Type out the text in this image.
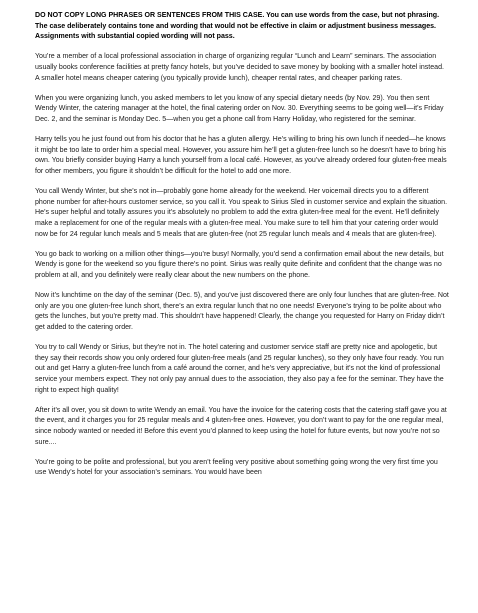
DO NOT COPY LONG PHRASES OR SENTENCES FROM THIS CASE. You can use words from the case, but not phrasing. The case deliberately contains tone and wording that would not be effective in claim or adjustment business messages. Assignments with substantial copied wording will not pass.

You’re a member of a local professional association in charge of organizing regular “Lunch and Learn” seminars. The association usually books conference facilities at pretty fancy hotels, but you’ve decided to save money by booking with a smaller hotel instead. A smaller hotel means cheaper catering (you typically provide lunch), cheaper rental rates, and cheaper parking rates.

When you were organizing lunch, you asked members to let you know of any special dietary needs (by Nov. 29). You then sent Wendy Winter, the catering manager at the hotel, the final catering order on Nov. 30. Everything seems to be going well—it’s Friday Dec. 2, and the seminar is Monday Dec. 5—when you get a phone call from Harry Holiday, who registered for the seminar.

Harry tells you he just found out from his doctor that he has a gluten allergy. He’s willing to bring his own lunch if needed—he knows it might be too late to order him a special meal. However, you assure him he’ll get a gluten-free lunch so he doesn’t have to bring his own. You briefly consider buying Harry a lunch yourself from a local café. However, as you’ve already ordered four gluten-free meals for other members, you figure it shouldn’t be difficult for the hotel to add one more.

You call Wendy Winter, but she’s not in—probably gone home already for the weekend. Her voicemail directs you to a different phone number for after-hours customer service, so you call it. You speak to Sirius Sled in customer service and explain the situation. He’s super helpful and totally assures you it’s absolutely no problem to add the extra gluten-free meal for the event. He’ll definitely make a replacement for one of the regular meals with a gluten-free meal. You make sure to tell him that your catering order would now be for 24 regular lunch meals and 5 meals that are gluten-free (not 25 regular lunch meals and 4 meals that are gluten-free).

You go back to working on a million other things—you’re busy! Normally, you’d send a confirmation email about the new details, but Wendy is gone for the weekend so you figure there’s no point. Sirius was really quite definite and confident that the change was no problem at all, and you definitely were really clear about the new numbers on the phone.

Now it’s lunchtime on the day of the seminar (Dec. 5), and you’ve just discovered there are only four lunches that are gluten-free. Not only are you one gluten-free lunch short, there’s an extra regular lunch that no one needs! Everyone’s trying to be polite about who gets the lunches, but you’re pretty mad. This shouldn’t have happened! Clearly, the change you requested for Harry on Friday didn’t get added to the catering order.

You try to call Wendy or Sirius, but they’re not in. The hotel catering and customer service staff are pretty nice and apologetic, but they say their records show you only ordered four gluten-free meals (and 25 regular lunches), so they only have four ready. You run out and get Harry a gluten-free lunch from a café around the corner, and he’s very appreciative, but it’s not the kind of professional service your members expect. They not only pay annual dues to the association, they also pay a fee for the seminar. They have the right to expect high quality!

After it’s all over, you sit down to write Wendy an email. You have the invoice for the catering costs that the catering staff gave you at the event, and it charges you for 25 regular meals and 4 gluten-free ones. However, you don’t want to pay for the one regular meal, since nobody wanted or needed it! Before this event you’d planned to keep using the hotel for future events, but now you’re not so sure....

You’re going to be polite and professional, but you aren’t feeling very positive about something going wrong the very first time you use Wendy’s hotel for your association’s seminars. You would have been
